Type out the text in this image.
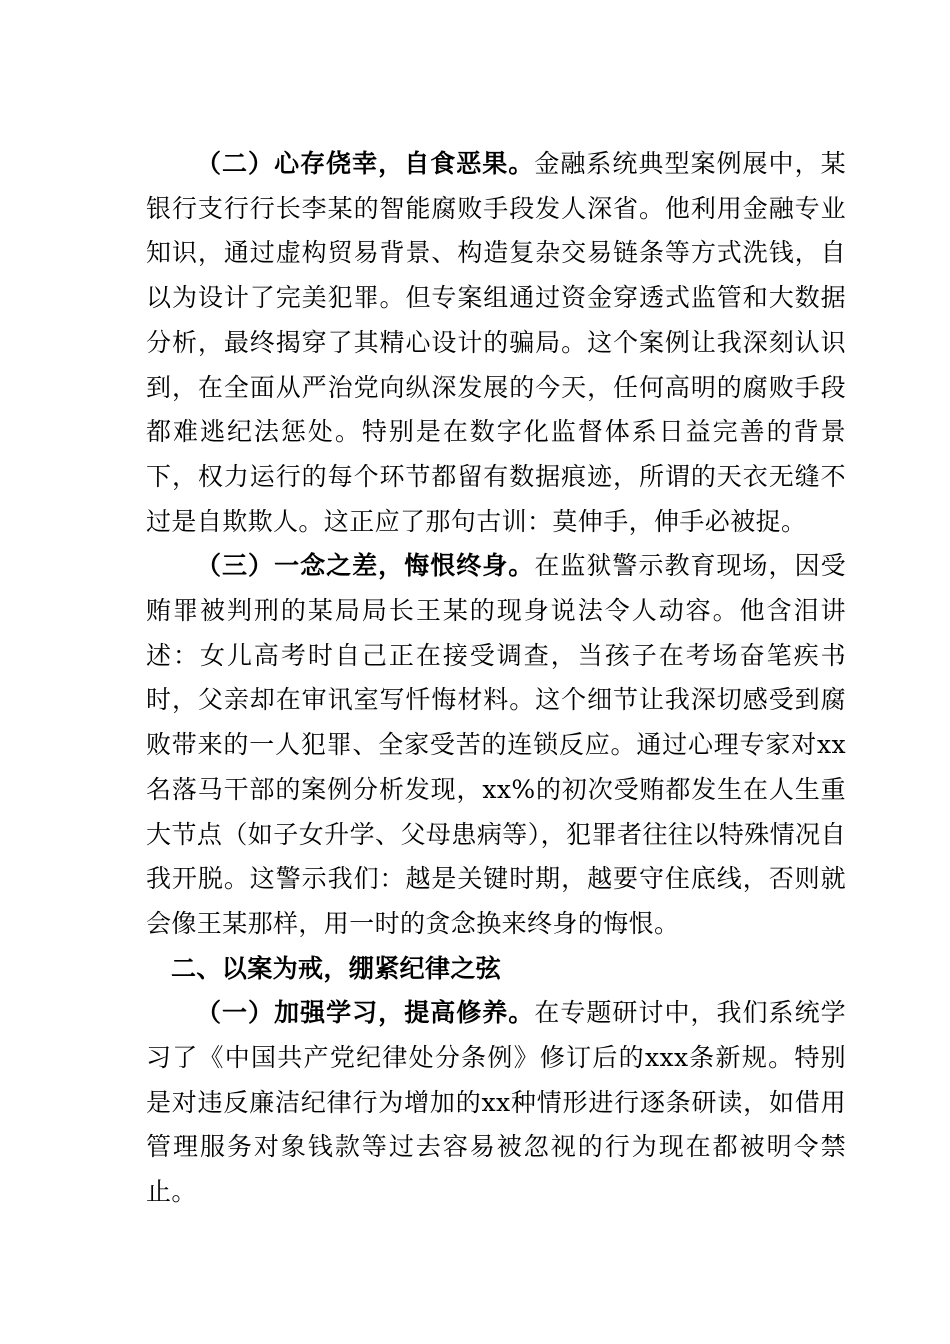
（二）心存侥幸，自食恶果。金融系统典型案例展中，某银行支行行长李某的智能腐败手段发人深省。他利用金融专业知识，通过虚构贸易背景、构造复杂交易链条等方式洗钱，自以为设计了完美犯罪。但专案组通过资金穿透式监管和大数据分析，最终揭穿了其精心设计的骗局。这个案例让我深刻认识到，在全面从严治党向纵深发展的今天，任何高明的腐败手段都难逃纪法惩处。特别是在数字化监督体系日益完善的背景下，权力运行的每个环节都留有数据痕迹，所谓的天衣无缝不过是自欺欺人。这正应了那句古训：莫伸手，伸手必被捉。

（三）一念之差，悔恨终身。在监狱警示教育现场，因受贿罪被判刑的某局局长王某的现身说法令人动容。他含泪讲述：女儿高考时自己正在接受调查，当孩子在考场奋笔疾书时，父亲却在审讯室写忏悔材料。这个细节让我深切感受到腐败带来的一人犯罪、全家受苦的连锁反应。通过心理专家对xx名落马干部的案例分析发现，xx%的初次受贿都发生在人生重大节点（如子女升学、父母患病等），犯罪者往往以特殊情况自我开脱。这警示我们：越是关键时期，越要守住底线，否则就会像王某那样，用一时的贪念换来终身的悔恨。

二、以案为戒，绷紧纪律之弦

（一）加强学习，提高修养。在专题研讨中，我们系统学习了《中国共产党纪律处分条例》修订后的xxx条新规。特别是对违反廉洁纪律行为增加的xx种情形进行逐条研读，如借用管理服务对象钱款等过去容易被忽视的行为现在都被明令禁止。
